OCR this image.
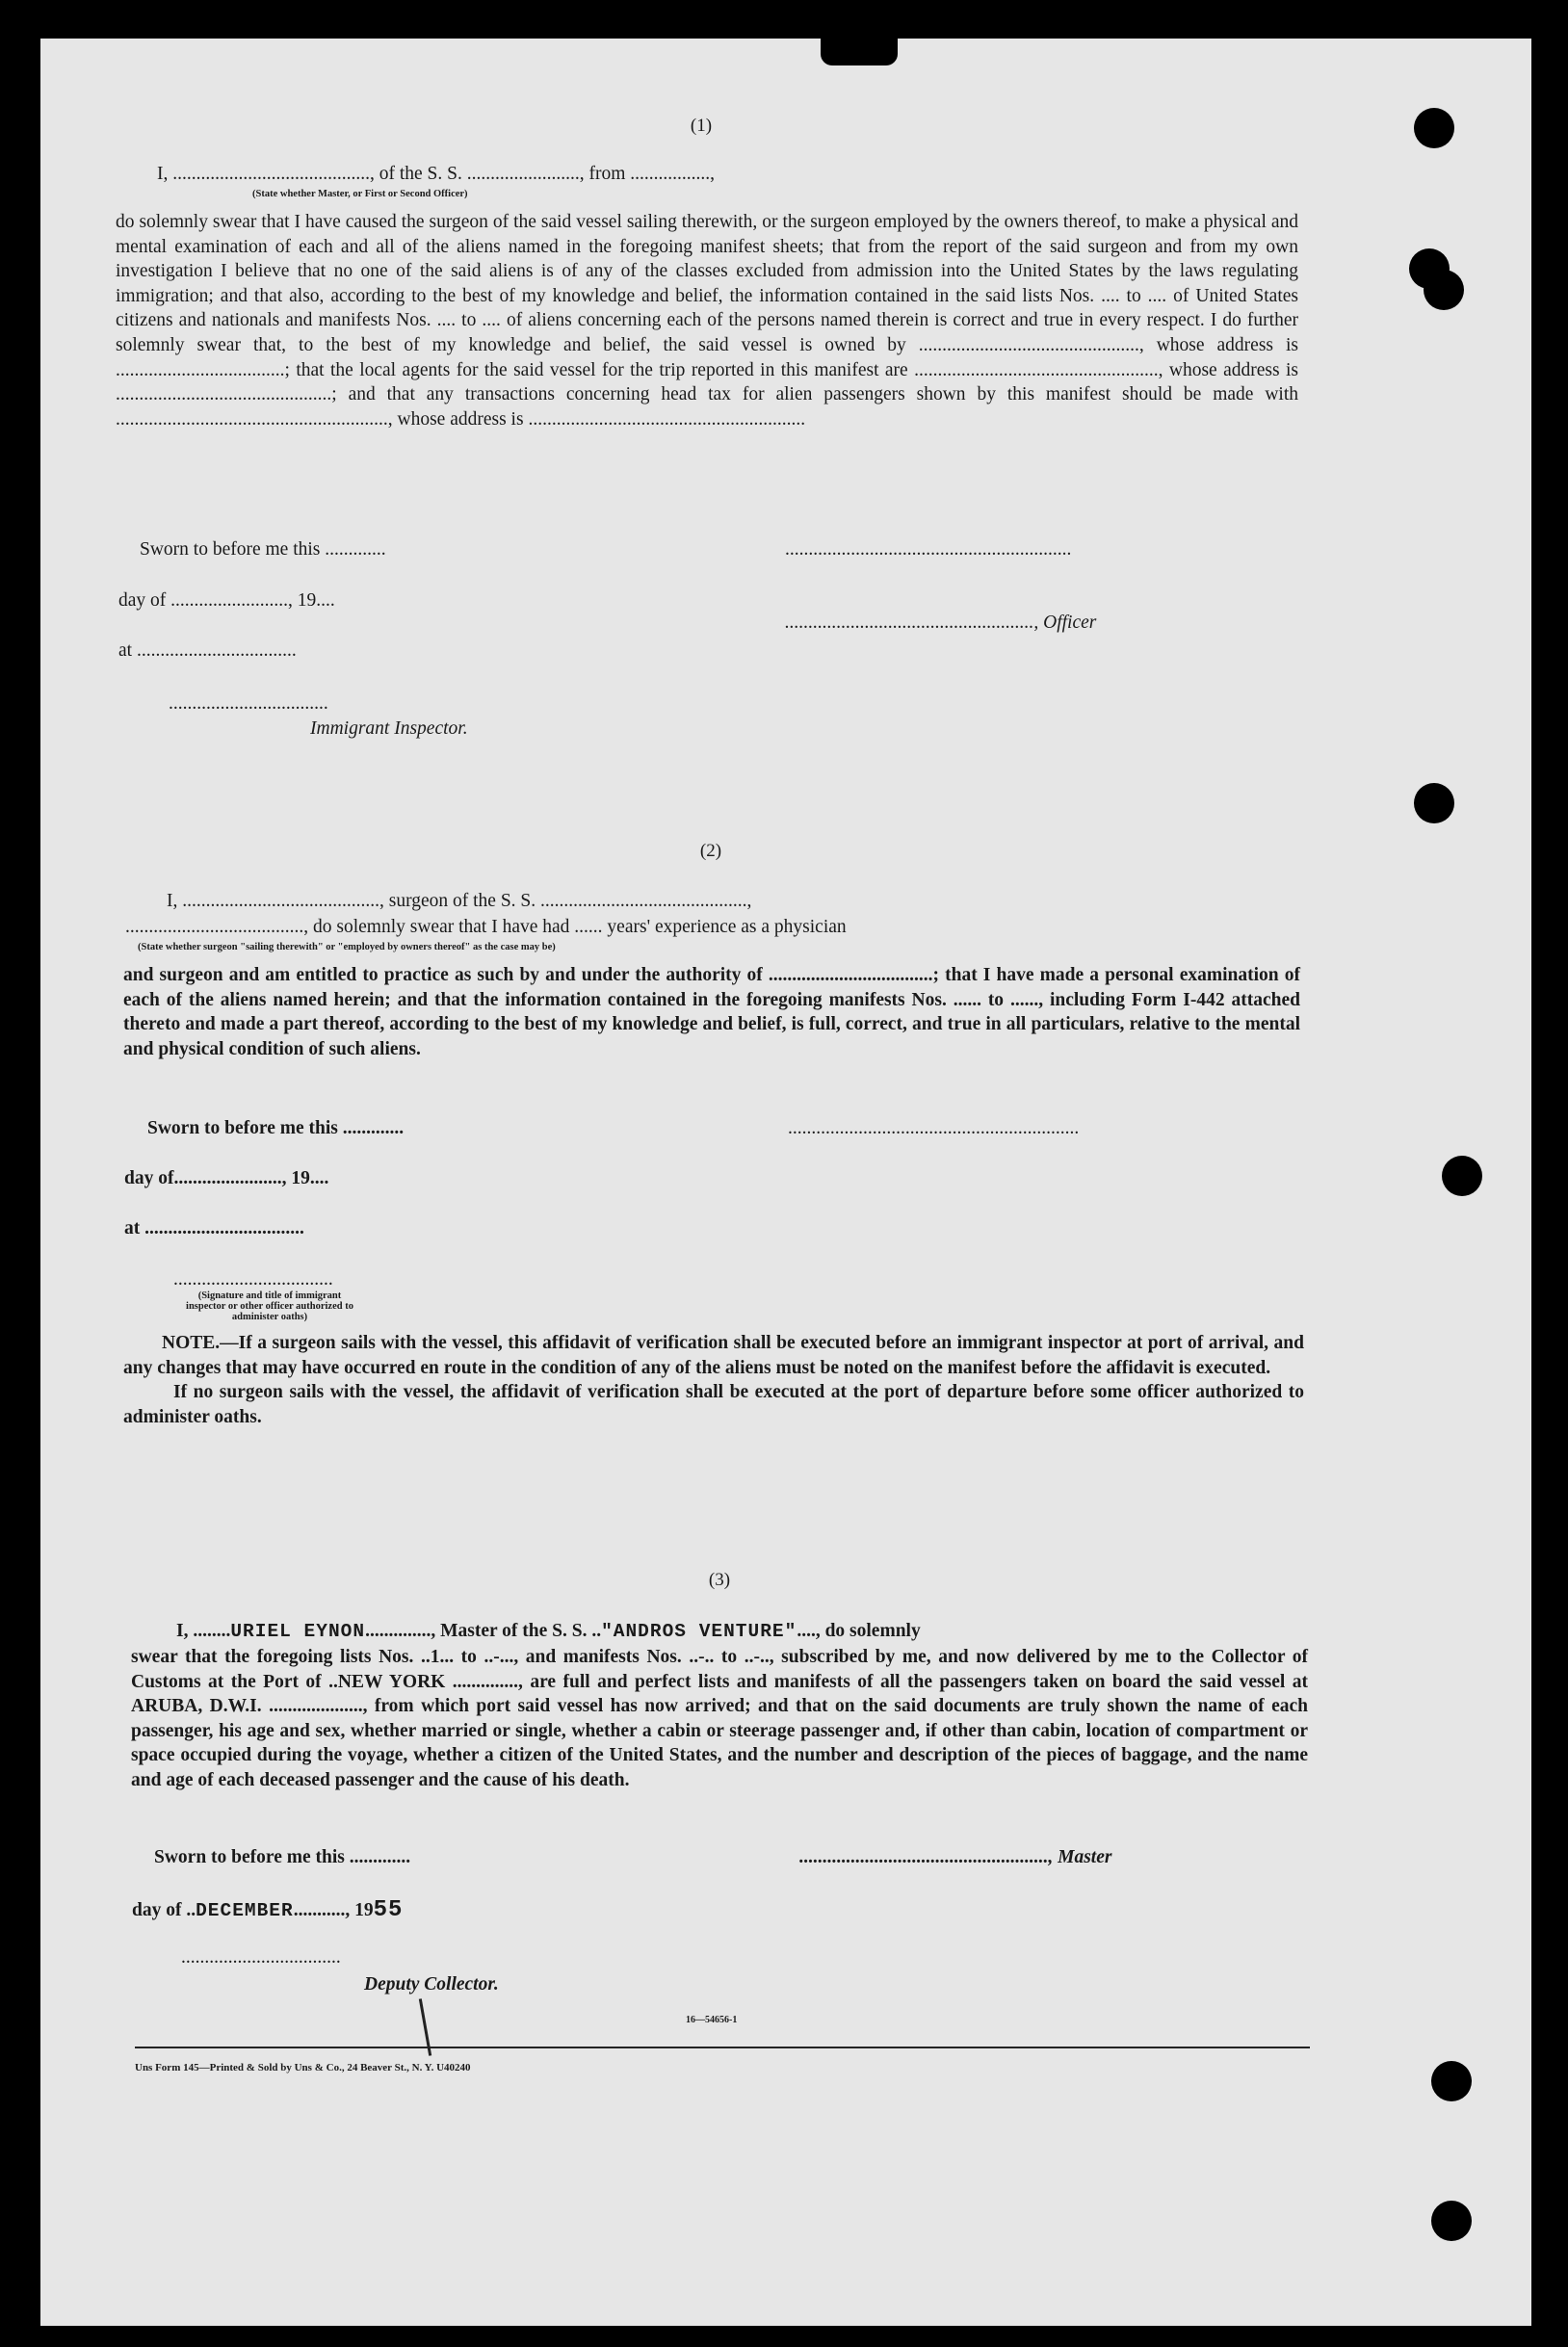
(1)
I, .........................................., of the S. S. ........................, from .................,
(State whether Master, or First or Second Officer)

do solemnly swear that I have caused the surgeon of the said vessel sailing therewith, or the surgeon employed by the owners thereof, to make a physical and mental examination of each and all of the aliens named in the foregoing manifest sheets; that from the report of the said surgeon and from my own investigation I believe that no one of the said aliens is of any of the classes excluded from admission into the United States by the laws regulating immigration; and that also, according to the best of my knowledge and belief, the information contained in the said lists Nos. .... to .... of United States citizens and nationals and manifests Nos. .... to .... of aliens concerning each of the persons named therein is correct and true in every respect. I do further solemnly swear that, to the best of my knowledge and belief, the said vessel is owned by ..............................................., whose address is ....................................; that the local agents for the said vessel for the trip reported in this manifest are ...................................................., whose address is ..............................................; and that any transactions concerning head tax for alien passengers shown by this manifest should be made with .........................................................., whose address is ...........................................................

Sworn to before me this .............	.............................................................
day of ........................., 19....
....................................................., Officer
at ..................................
..................................
Immigrant Inspector.
(2)
I, .........................................., surgeon of the S. S. ............................................,
......................................, do solemnly swear that I have had ...... years' experience as a physician
(State whether surgeon "sailing therewith" or "employed by owners thereof" as the case may be)

and surgeon and am entitled to practice as such by and under the authority of ...................................; that I have made a personal examination of each of the aliens named herein; and that the information contained in the foregoing manifests Nos. ...... to ......, including Form I-442 attached thereto and made a part thereof, according to the best of my knowledge and belief, is full, correct, and true in all particulars, relative to the mental and physical condition of such aliens.

Sworn to before me this .............	..............................................................
day of......................., 19....
at ..................................
..................................
(Signature and title of immigrant inspector or other officer authorized to administer oaths)

NOTE.—If a surgeon sails with the vessel, this affidavit of verification shall be executed before an immigrant inspector at port of arrival, and any changes that may have occurred en route in the condition of any of the aliens must be noted on the manifest before the affidavit is executed.

If no surgeon sails with the vessel, the affidavit of verification shall be executed at the port of departure before some officer authorized to administer oaths.

(3)
I, ........URIEL EYNON.............., Master of the S. S. .."ANDROS VENTURE"...., do solemnly

swear that the foregoing lists Nos. ..1... to ..-..., and manifests Nos. ..-.. to ..-.., subscribed by me, and now delivered by me to the Collector of Customs at the Port of ..NEW YORK .............., are full and perfect lists and manifests of all the passengers taken on board the said vessel at ARUBA, D.W.I. ...................., from which port said vessel has now arrived; and that on the said documents are truly shown the name of each passenger, his age and sex, whether married or single, whether a cabin or steerage passenger and, if other than cabin, location of compartment or space occupied during the voyage, whether a citizen of the United States, and the number and description of the pieces of baggage, and the name and age of each deceased passenger and the cause of his death.

Sworn to before me this .............	....................................................., Master
day of ..DECEMBER..........., 1955
..................................
Deputy Collector.
16—54656-1
Uns Form 145—Printed & Sold by Uns & Co., 24 Beaver St., N. Y. U40240
